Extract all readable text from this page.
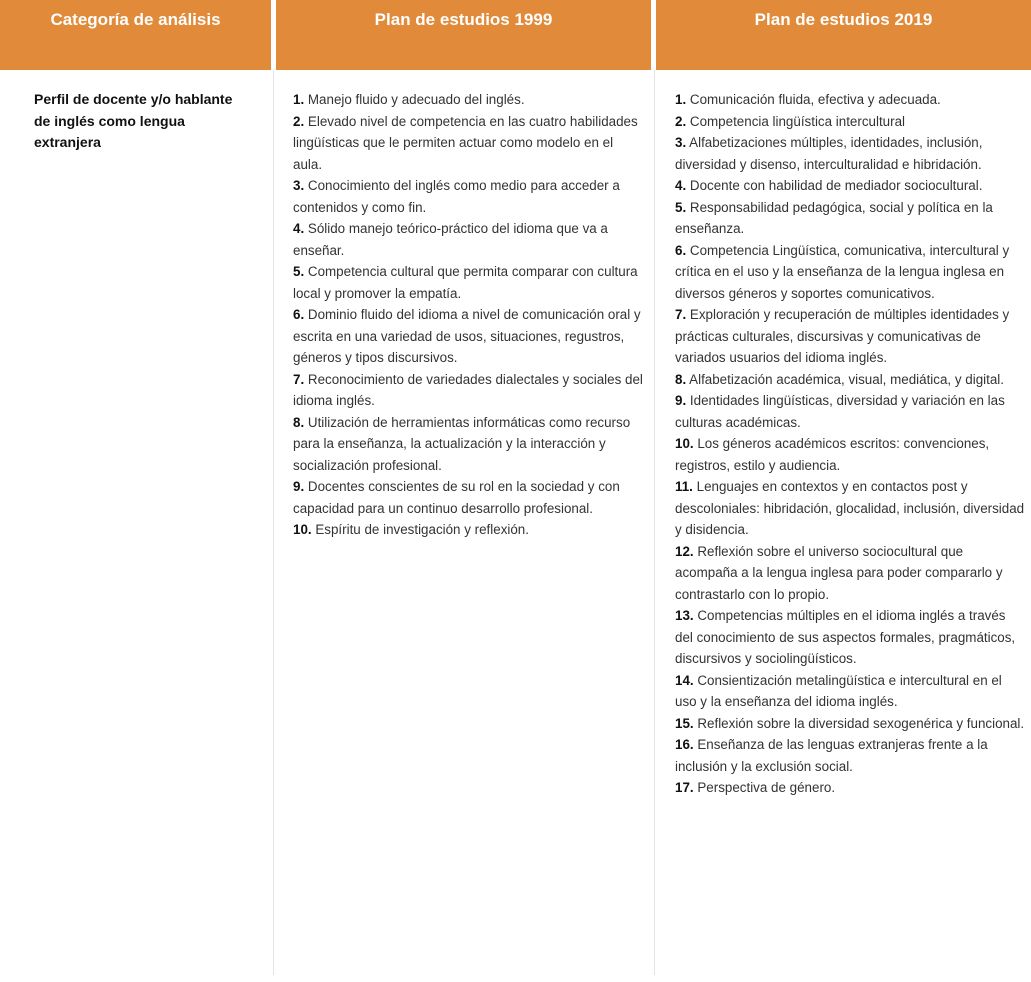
Categoría de análisis	Plan de estudios 1999	Plan de estudios 2019
Perfil de docente y/o hablante de inglés como lengua extranjera
1. Manejo fluido y adecuado del inglés.
2. Elevado nivel de competencia en las cuatro habilidades lingüísticas que le permiten actuar como modelo en el aula.
3. Conocimiento del inglés como medio para acceder a contenidos y como fin.
4. Sólido manejo teórico-práctico del idioma que va a enseñar.
5. Competencia cultural que permita comparar con cultura local y promover la empatía.
6. Dominio fluido del idioma a nivel de comunicación oral y escrita en una variedad de usos, situaciones, regustros, géneros y tipos discursivos.
7. Reconocimiento de variedades dialectales y sociales del idioma inglés.
8. Utilización de herramientas informáticas como recurso para la enseñanza, la actualización y la interacción y socialización profesional.
9. Docentes conscientes de su rol en la sociedad y con capacidad para un continuo desarrollo profesional.
10. Espíritu de investigación y reflexión.
1. Comunicación fluida, efectiva y adecuada.
2. Competencia lingüística intercultural
3. Alfabetizaciones múltiples, identidades, inclusión, diversidad y disenso, interculturalidad e hibridación.
4. Docente con habilidad de mediador sociocultural.
5. Responsabilidad pedagógica, social y política en la enseñanza.
6. Competencia Lingüística, comunicativa, intercultural y crítica en el uso y la enseñanza de la lengua inglesa en diversos géneros y soportes comunicativos.
7. Exploración y recuperación de múltiples identidades y prácticas culturales, discursivas y comunicativas de variados usuarios del idioma inglés.
8. Alfabetización académica, visual, mediática, y digital.
9. Identidades lingüísticas, diversidad y variación en las culturas académicas.
10. Los géneros académicos escritos: convenciones, registros, estilo y audiencia.
11. Lenguajes en contextos y en contactos post y descoloniales: hibridación, glocalidad, inclusión, diversidad y disidencia.
12. Reflexión sobre el universo sociocultural que acompaña a la lengua inglesa para poder compararlo y contrastarlo con lo propio.
13. Competencias múltiples en el idioma inglés a través del conocimiento de sus aspectos formales, pragmáticos, discursivos y sociolingüísticos.
14. Consientización metalingüística e intercultural en el uso y la enseñanza del idioma inglés.
15. Reflexión sobre la diversidad sexogenérica y funcional.
16. Enseñanza de las lenguas extranjeras frente a la inclusión y la exclusión social.
17. Perspectiva de género.
